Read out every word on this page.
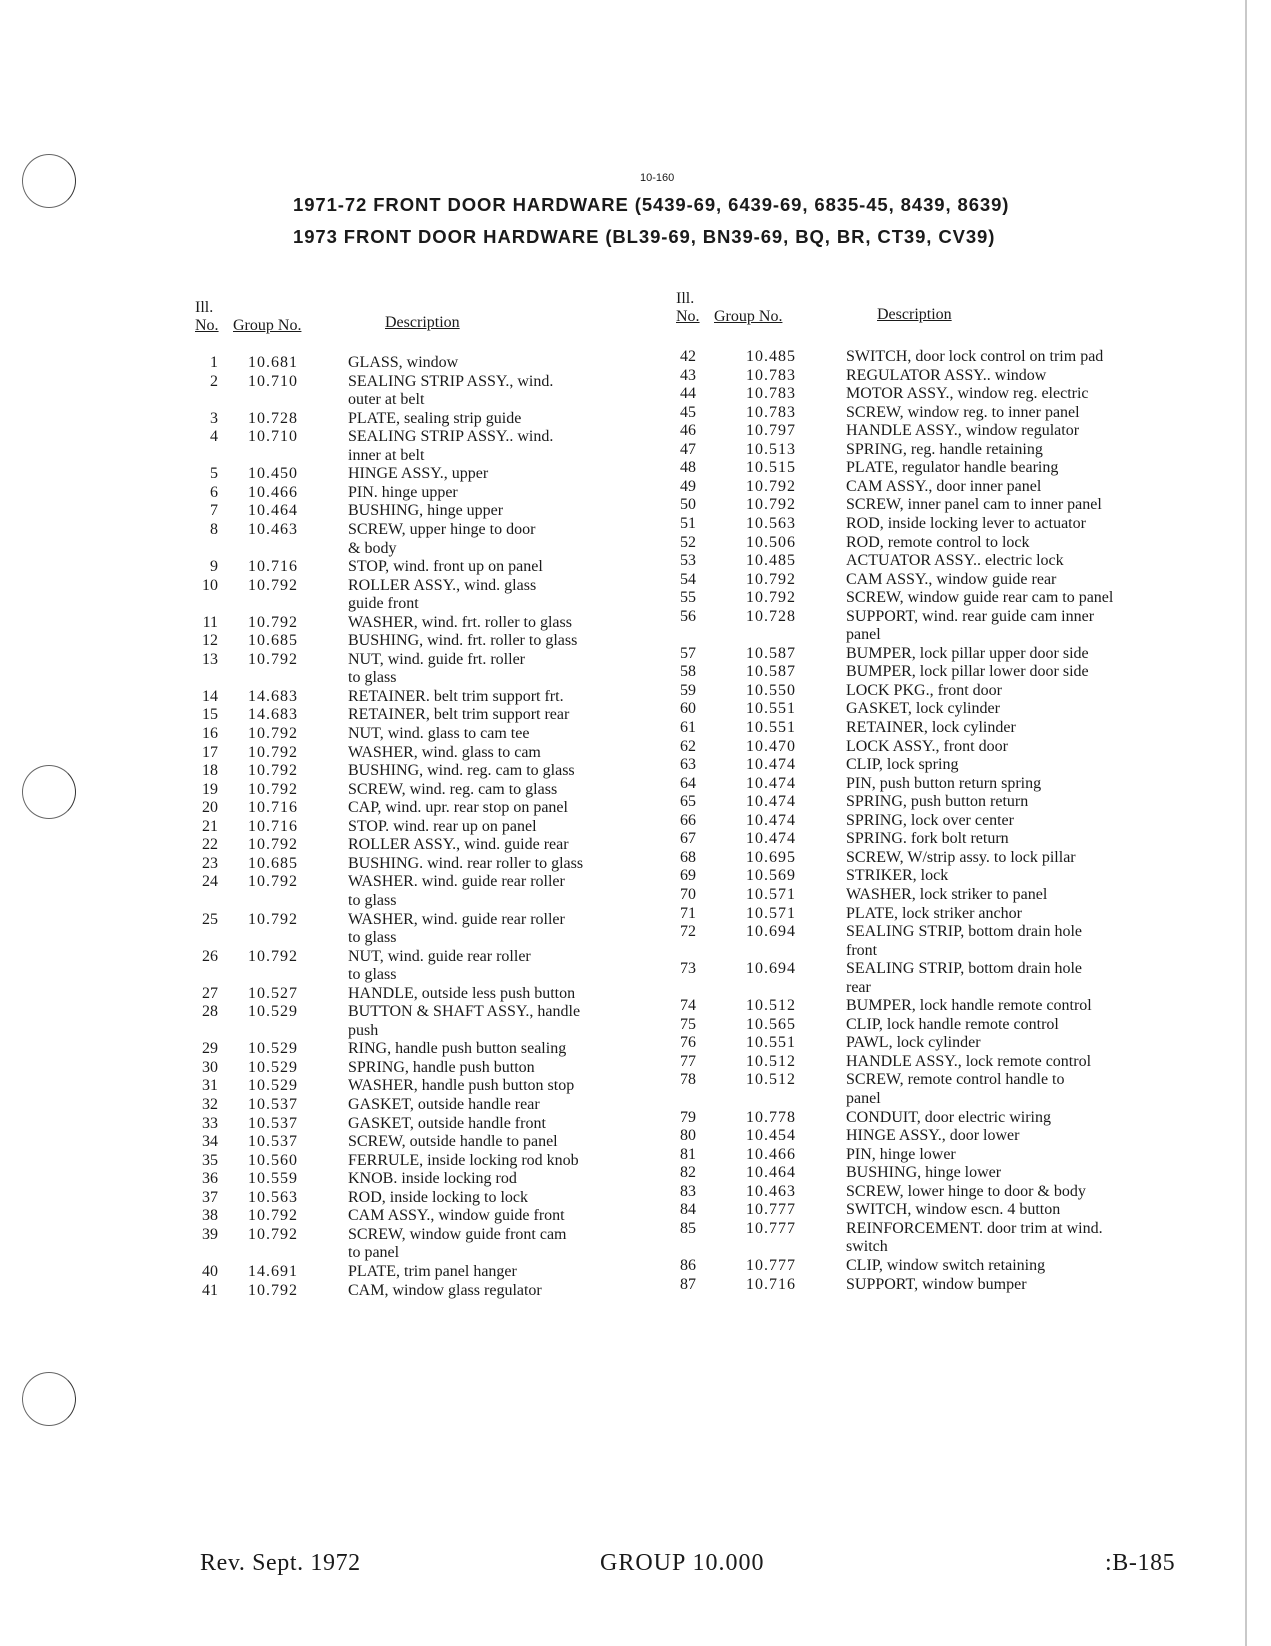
10-160
1971-72 FRONT DOOR HARDWARE (5439-69, 6439-69, 6835-45, 8439, 8639)
1973 FRONT DOOR HARDWARE (BL39-69, BN39-69, BQ, BR, CT39, CV39)
Ill.
No. Group No.	Description
Ill.
No. Group No.	Description
1 10.681	GLASS, window
2 10.710	SEALING STRIP ASSY., wind.
outer at belt
3 10.728	PLATE, sealing strip guide
4 10.710	SEALING STRIP ASSY.. wind.
inner at belt
5 10.450	HINGE ASSY., upper
6 10.466	PIN. hinge upper
7 10.464	BUSHING, hinge upper
8 10.463	SCREW, upper hinge to door
& body
9 10.716	STOP, wind. front up on panel
10 10.792	ROLLER ASSY., wind. glass
guide front
11 10.792	WASHER, wind. frt. roller to glass
12 10.685	BUSHING, wind. frt. roller to glass
13 10.792	NUT, wind. guide frt. roller
to glass
14 14.683	RETAINER. belt trim support frt.
15 14.683	RETAINER, belt trim support rear
16 10.792	NUT, wind. glass to cam tee
17 10.792	WASHER, wind. glass to cam
18 10.792	BUSHING, wind. reg. cam to glass
19 10.792	SCREW, wind. reg. cam to glass
20 10.716	CAP, wind. upr. rear stop on panel
21 10.716	STOP. wind. rear up on panel
22 10.792	ROLLER ASSY., wind. guide rear
23 10.685	BUSHING. wind. rear roller to glass
24 10.792	WASHER. wind. guide rear roller
to glass
25 10.792	WASHER, wind. guide rear roller
to glass
26 10.792	NUT, wind. guide rear roller
to glass
27 10.527	HANDLE, outside less push button
28 10.529	BUTTON & SHAFT ASSY., handle
push
29 10.529	RING, handle push button sealing
30 10.529	SPRING, handle push button
31 10.529	WASHER, handle push button stop
32 10.537	GASKET, outside handle rear
33 10.537	GASKET, outside handle front
34 10.537	SCREW, outside handle to panel
35 10.560	FERRULE, inside locking rod knob
36 10.559	KNOB. inside locking rod
37 10.563	ROD, inside locking to lock
38 10.792	CAM ASSY., window guide front
39 10.792	SCREW, window guide front cam
to panel
40 14.691	PLATE, trim panel hanger
41 10.792	CAM, window glass regulator
42	10.485	SWITCH, door lock control on trim pad
43	10.783	REGULATOR ASSY.. window
44	10.783	MOTOR ASSY., window reg. electric
45	10.783	SCREW, window reg. to inner panel
46	10.797	HANDLE ASSY., window regulator
47	10.513	SPRING, reg. handle retaining
48	10.515	PLATE, regulator handle bearing
49	10.792	CAM ASSY., door inner panel
50	10.792	SCREW, inner panel cam to inner panel
51	10.563	ROD, inside locking lever to actuator
52	10.506	ROD, remote control to lock
53	10.485	ACTUATOR ASSY.. electric lock
54	10.792	CAM ASSY., window guide rear
55	10.792	SCREW, window guide rear cam to panel
56	10.728	SUPPORT, wind. rear guide cam inner
panel
57	10.587	BUMPER, lock pillar upper door side
58	10.587	BUMPER, lock pillar lower door side
59	10.550	LOCK PKG., front door
60	10.551	GASKET, lock cylinder
61	10.551	RETAINER, lock cylinder
62	10.470	LOCK ASSY., front door
63	10.474	CLIP, lock spring
64	10.474	PIN, push button return spring
65	10.474	SPRING, push button return
66	10.474	SPRING, lock over center
67	10.474	SPRING. fork bolt return
68	10.695	SCREW, W/strip assy. to lock pillar
69	10.569	STRIKER, lock
70	10.571	WASHER, lock striker to panel
71	10.571	PLATE, lock striker anchor
72	10.694	SEALING STRIP, bottom drain hole
front
73	10.694	SEALING STRIP, bottom drain hole
rear
74	10.512	BUMPER, lock handle remote control
75	10.565	CLIP, lock handle remote control
76	10.551	PAWL, lock cylinder
77	10.512	HANDLE ASSY., lock remote control
78	10.512	SCREW, remote control handle to
panel
79	10.778	CONDUIT, door electric wiring
80	10.454	HINGE ASSY., door lower
81	10.466	PIN, hinge lower
82	10.464	BUSHING, hinge lower
83	10.463	SCREW, lower hinge to door & body
84	10.777	SWITCH, window escn. 4 button
85	10.777	REINFORCEMENT. door trim at wind.
switch
86	10.777	CLIP, window switch retaining
87	10.716	SUPPORT, window bumper
Rev. Sept. 1972	GROUP 10.000	:B-185
